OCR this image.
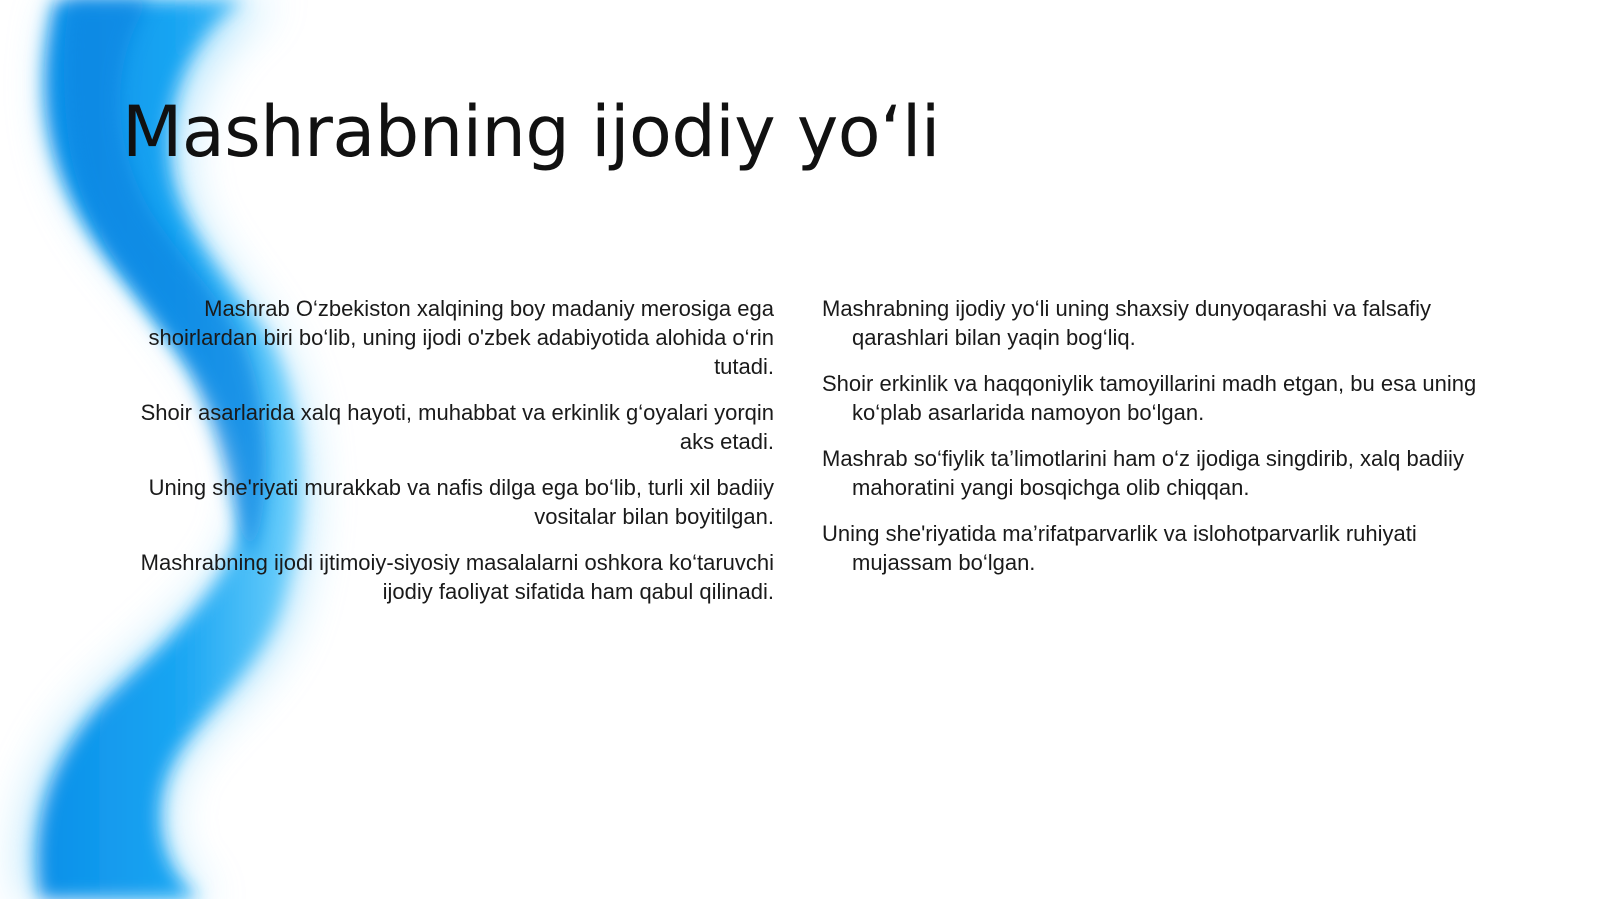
Mashrabning ijodiy yo‘li

Mashrab O‘zbekiston xalqining boy madaniy merosiga ega shoirlardan biri bo‘lib, uning ijodi o'zbek adabiyotida alohida o‘rin tutadi.

Shoir asarlarida xalq hayoti, muhabbat va erkinlik g‘oyalari yorqin aks etadi.

Uning she'riyati murakkab va nafis dilga ega bo‘lib, turli xil badiiy vositalar bilan boyitilgan.

Mashrabning ijodi ijtimoiy-siyosiy masalalarni oshkora ko‘taruvchi ijodiy faoliyat sifatida ham qabul qilinadi.

Mashrabning ijodiy yo‘li uning shaxsiy dunyoqarashi va falsafiy qarashlari bilan yaqin bog‘liq.

Shoir erkinlik va haqqoniylik tamoyillarini madh etgan, bu esa uning ko‘plab asarlarida namoyon bo‘lgan.

Mashrab so‘fiylik ta’limotlarini ham o‘z ijodiga singdirib, xalq badiiy mahoratini yangi bosqichga olib chiqqan.

Uning she'riyatida ma’rifatparvarlik va islohotparvarlik ruhiyati mujassam bo‘lgan.
